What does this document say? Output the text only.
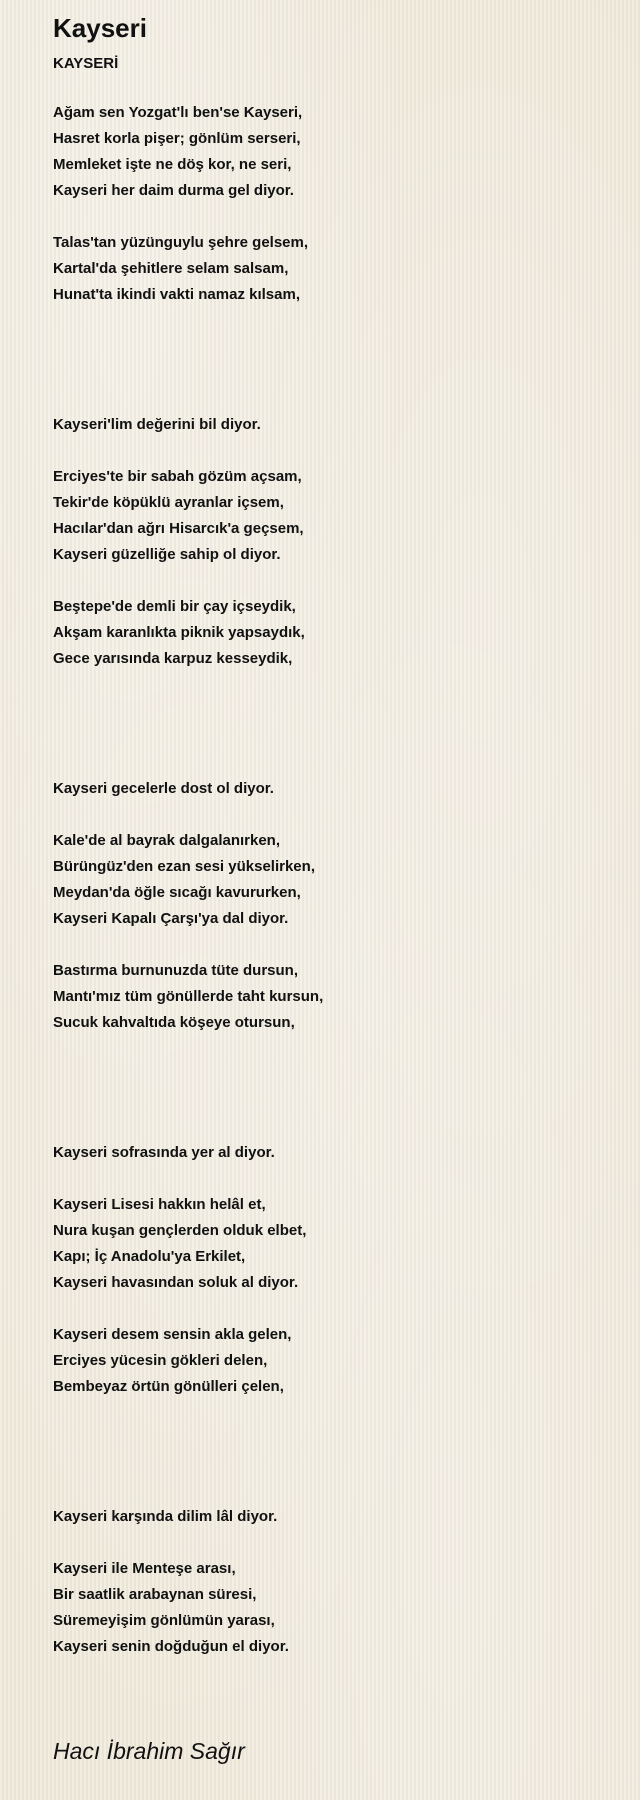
Kayseri
KAYSERİ
Ağam sen Yozgat'lı ben'se Kayseri,
Hasret korla pişer; gönlüm serseri,
Memleket işte ne döş kor, ne seri,
Kayseri her daim durma gel diyor.
Talas'tan yüzünguylu şehre gelsem,
Kartal'da şehitlere selam salsam,
Hunat'ta ikindi vakti namaz kılsam,
Kayseri'lim değerini bil diyor.
Erciyes'te bir sabah gözüm açsam,
Tekir'de köpüklü ayranlar içsem,
Hacılar'dan ağrı Hisarcık'a geçsem,
Kayseri güzelliğe sahip ol diyor.
Beştepe'de demli bir çay içseydik,
Akşam karanlıkta piknik yapsaydık,
Gece yarısında karpuz kesseydik,
Kayseri gecelerle dost ol diyor.
Kale'de al bayrak dalgalanırken,
Bürüngüz'den ezan sesi yükselirken,
Meydan'da öğle sıcağı kavururken,
Kayseri Kapalı Çarşı'ya dal diyor.
Bastırma burnunuzda tüte dursun,
Mantı'mız tüm gönüllerde taht kursun,
Sucuk kahvaltıda köşeye otursun,
Kayseri sofrasında yer al diyor.
Kayseri Lisesi hakkın helâl et,
Nura kuşan gençlerden olduk elbet,
Kapı; İç Anadolu'ya Erkilet,
Kayseri havasından soluk al diyor.
Kayseri desem sensin akla gelen,
Erciyes yücesin gökleri delen,
Bembeyaz örtün gönülleri çelen,
Kayseri karşında dilim lâl diyor.
Kayseri ile Menteşe arası,
Bir saatlik arabaynan süresi,
Süremeyişim gönlümün yarası,
Kayseri senin doğduğun el diyor.
Hacı İbrahim Sağır
